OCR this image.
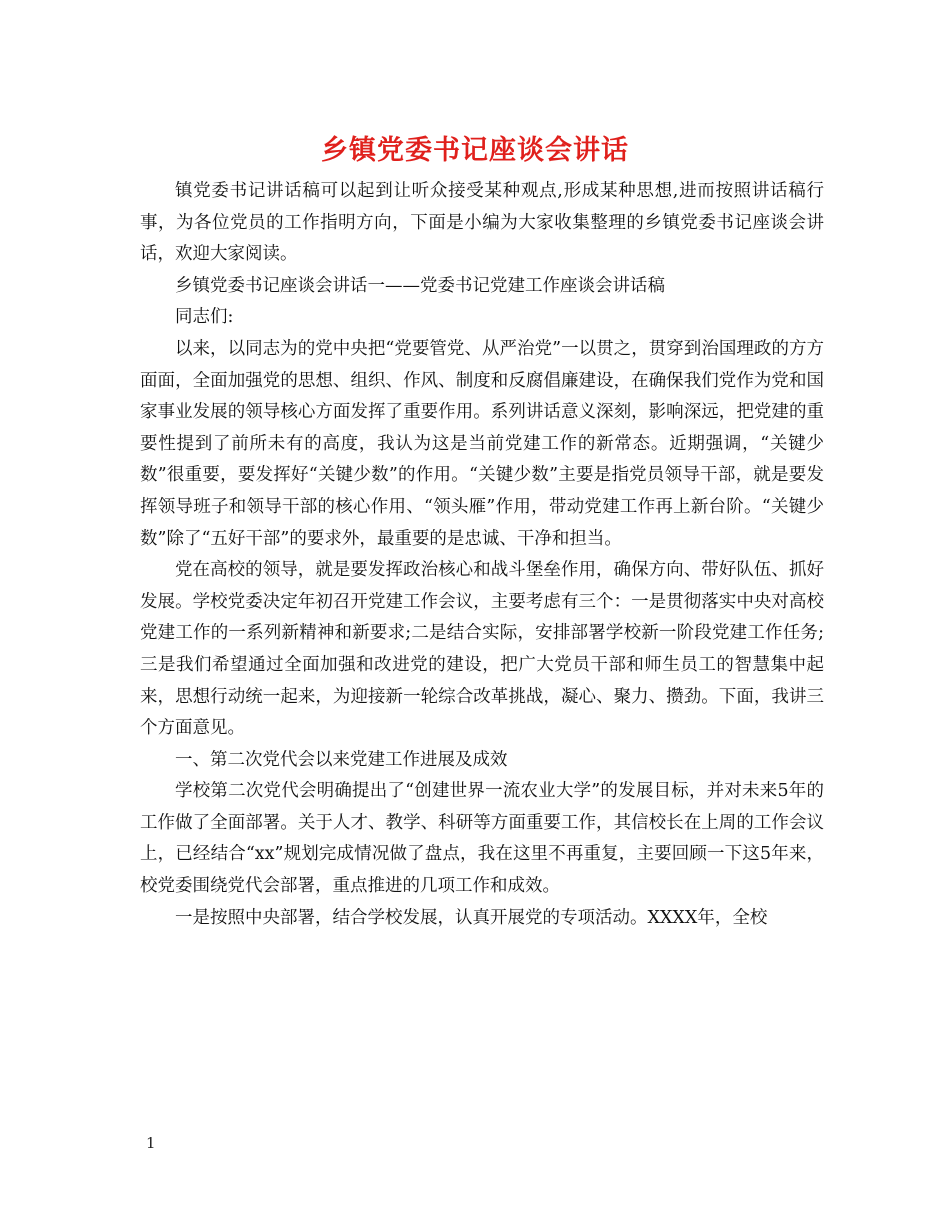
乡镇党委书记座谈会讲话

镇党委书记讲话稿可以起到让听众接受某种观点,形成某种思想,进而按照讲话稿行事，为各位党员的工作指明方向，下面是小编为大家收集整理的乡镇党委书记座谈会讲话，欢迎大家阅读。

乡镇党委书记座谈会讲话一——党委书记党建工作座谈会讲话稿

同志们:

以来，以同志为的党中央把“党要管党、从严治党”一以贯之，贯穿到治国理政的方方面面，全面加强党的思想、组织、作风、制度和反腐倡廉建设，在确保我们党作为党和国家事业发展的领导核心方面发挥了重要作用。系列讲话意义深刻，影响深远，把党建的重要性提到了前所未有的高度，我认为这是当前党建工作的新常态。近期强调，“关键少数”很重要，要发挥好“关键少数”的作用。“关键少数”主要是指党员领导干部，就是要发挥领导班子和领导干部的核心作用、“领头雁”作用，带动党建工作再上新台阶。“关键少数”除了“五好干部”的要求外，最重要的是忠诚、干净和担当。

党在高校的领导，就是要发挥政治核心和战斗堡垒作用，确保方向、带好队伍、抓好发展。学校党委决定年初召开党建工作会议，主要考虑有三个：一是贯彻落实中央对高校党建工作的一系列新精神和新要求;二是结合实际，安排部署学校新一阶段党建工作任务;三是我们希望通过全面加强和改进党的建设，把广大党员干部和师生员工的智慧集中起来，思想行动统一起来，为迎接新一轮综合改革挑战，凝心、聚力、攒劲。下面，我讲三个方面意见。

一、第二次党代会以来党建工作进展及成效

学校第二次党代会明确提出了“创建世界一流农业大学”的发展目标，并对未来5年的工作做了全面部署。关于人才、教学、科研等方面重要工作，其信校长在上周的工作会议上，已经结合“xx”规划完成情况做了盘点，我在这里不再重复，主要回顾一下这5年来，校党委围绕党代会部署，重点推进的几项工作和成效。

一是按照中央部署，结合学校发展，认真开展党的专项活动。XXXX年，全校

1
